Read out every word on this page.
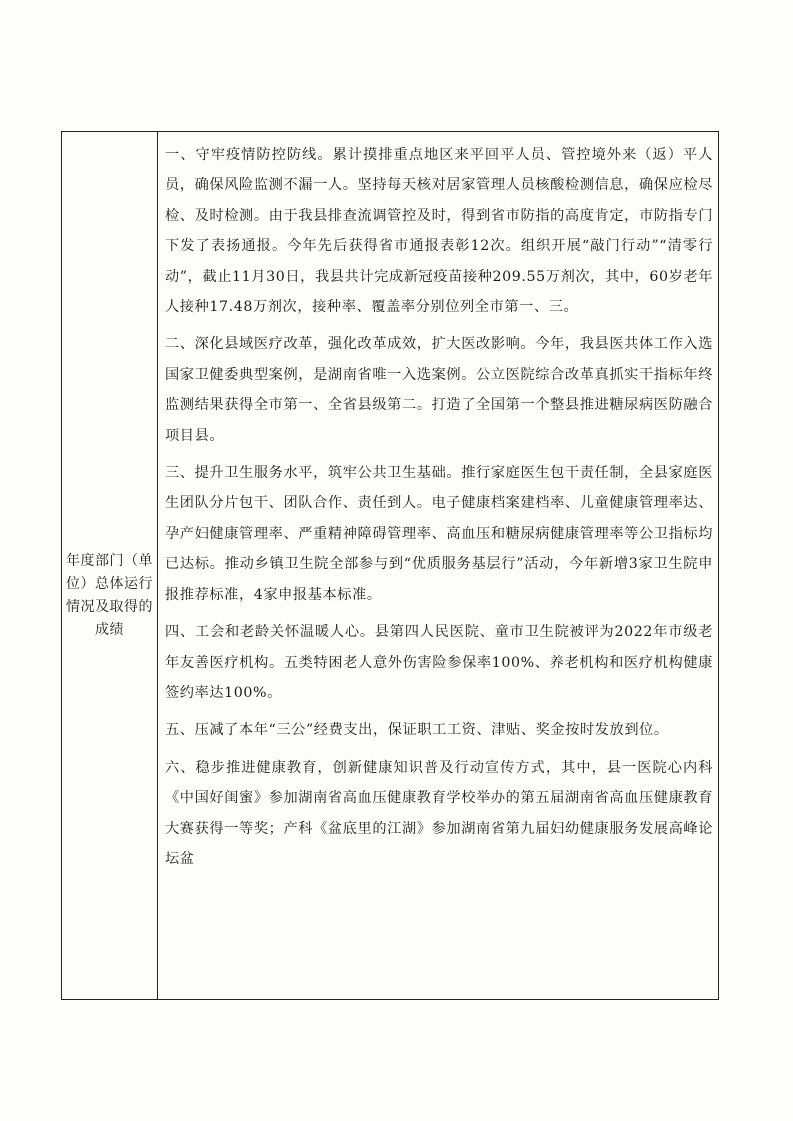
年度部门（单位）总体运行情况及取得的成绩

一、守牢疫情防控防线。累计摸排重点地区来平回平人员、管控境外来（返）平人员，确保风险监测不漏一人。坚持每天核对居家管理人员核酸检测信息，确保应检尽检、及时检测。由于我县排查流调管控及时，得到省市防指的高度肯定，市防指专门下发了表扬通报。今年先后获得省市通报表彰12次。组织开展“敲门行动”“清零行动”，截止11月30日，我县共计完成新冠疫苗接种209.55万剂次，其中，60岁老年人接种17.48万剂次，接种率、覆盖率分别位列全市第一、三。

二、深化县域医疗改革，强化改革成效，扩大医改影响。今年，我县医共体工作入选国家卫健委典型案例，是湖南省唯一入选案例。公立医院综合改革真抓实干指标年终监测结果获得全市第一、全省县级第二。打造了全国第一个整县推进糖尿病医防融合项目县。

三、提升卫生服务水平，筑牢公共卫生基础。推行家庭医生包干责任制，全县家庭医生团队分片包干、团队合作、责任到人。电子健康档案建档率、儿童健康管理率达、孕产妇健康管理率、严重精神障碍管理率、高血压和糖尿病健康管理率等公卫指标均已达标。推动乡镇卫生院全部参与到“优质服务基层行”活动，今年新增3家卫生院申报推荐标准，4家申报基本标准。

四、工会和老龄关怀温暖人心。县第四人民医院、童市卫生院被评为2022年市级老年友善医疗机构。五类特困老人意外伤害险参保率100%、养老机构和医疗机构健康签约率达100%。

五、压减了本年“三公”经费支出，保证职工工资、津贴、奖金按时发放到位。

六、稳步推进健康教育，创新健康知识普及行动宣传方式，其中，县一医院心内科《中国好闺蜜》参加湖南省高血压健康教育学校举办的第五届湖南省高血压健康教育大赛获得一等奖；产科《盆底里的江湖》参加湖南省第九届妇幼健康服务发展高峰论坛盆
